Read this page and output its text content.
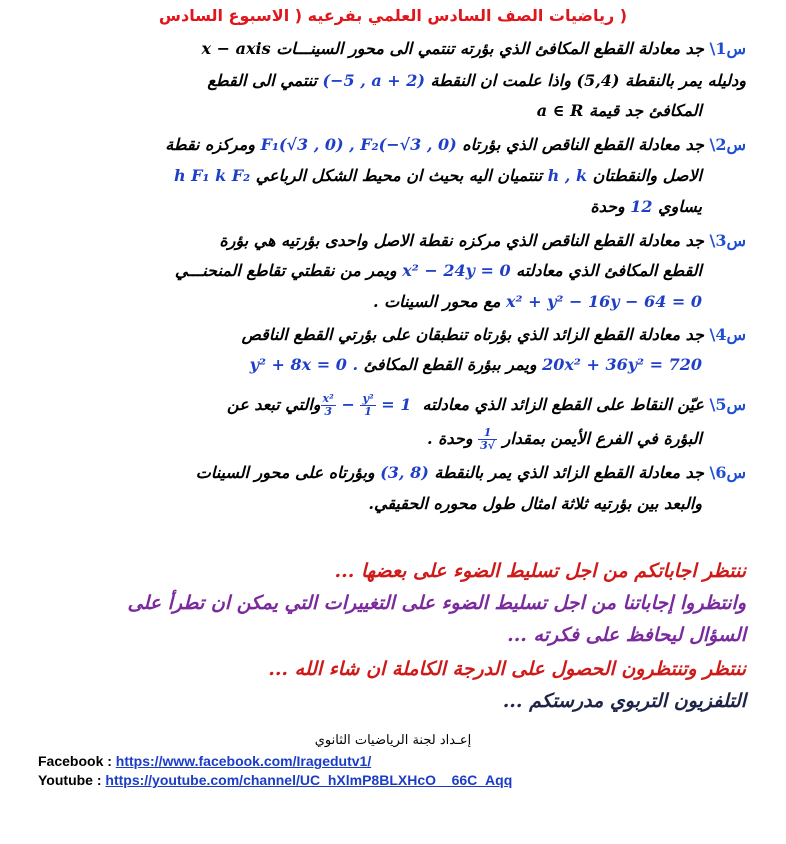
( رياضيات الصف السادس العلمي بفرعيه ( الاسبوع السادس
س1\ جد معادلة القطع المكافئ الذي بؤرته تنتمي الى محور السينـــات x − axis
ودليله يمر بالنقطة (5,4) واذا علمت ان النقطة (−5 , a + 2) تنتمي الى القطع
المكافئ جد قيمة a ∈ R
س2\ جد معادلة القطع الناقص الذي بؤرتاه F₁(√3 , 0) , F₂(−√3 , 0) ومركزه نقطة
الاصل والنقطتان h , k تنتميان اليه بحيث ان محيط الشكل الرباعي h F₁ k F₂
يساوي 12 وحدة
س3\ جد معادلة القطع الناقص الذي مركزه نقطة الاصل واحدى بؤرتيه هي بؤرة
القطع المكافئ الذي معادلته x² − 24y = 0 ويمر من نقطتي تقاطع المنحنـــي
x² + y² − 16y − 64 = 0 مع محور السينات .
س4\ جد معادلة القطع الزائد الذي بؤرتاه تنطبقان على بؤرتي القطع الناقص
20x² + 36y² = 720 ويمر ببؤرة القطع المكافئ y² + 8x = 0 .
س5\ عيّن النقاط على القطع الزائد الذي معادلته
$\frac{\text{x²}}{3} - \frac{\text{y²}}{1} = 1$ والتي تبعد عن
البؤرة في الفرع الأيمن بمقدار
$\frac{1}{√3}$
وحدة .
س6\ جد معادلة القطع الزائد الذي يمر بالنقطة (3, 8) وبؤرتاه على محور السينات
والبعد بين بؤرتيه ثلاثة امثال طول محوره الحقيقي.
ننتظر اجاباتكم من اجل تسليط الضوء على بعضها ...
وانتظروا إجاباتنا من اجل تسليط الضوء على التغييرات التي يمكن ان تطرأ على
السؤال ليحافظ على فكرته ...
ننتظر وتنتظرون الحصول على الدرجة الكاملة ان شاء الله ...
التلفزيون التربوي مدرستكم ...
إعـداد لجنة الرياضيات الثانوي
Facebook : https://www.facebook.com/Iragedutv1/
Youtube : https://youtube.com/channel/UC_hXlmP8BLXHcO__66C_Aqq
